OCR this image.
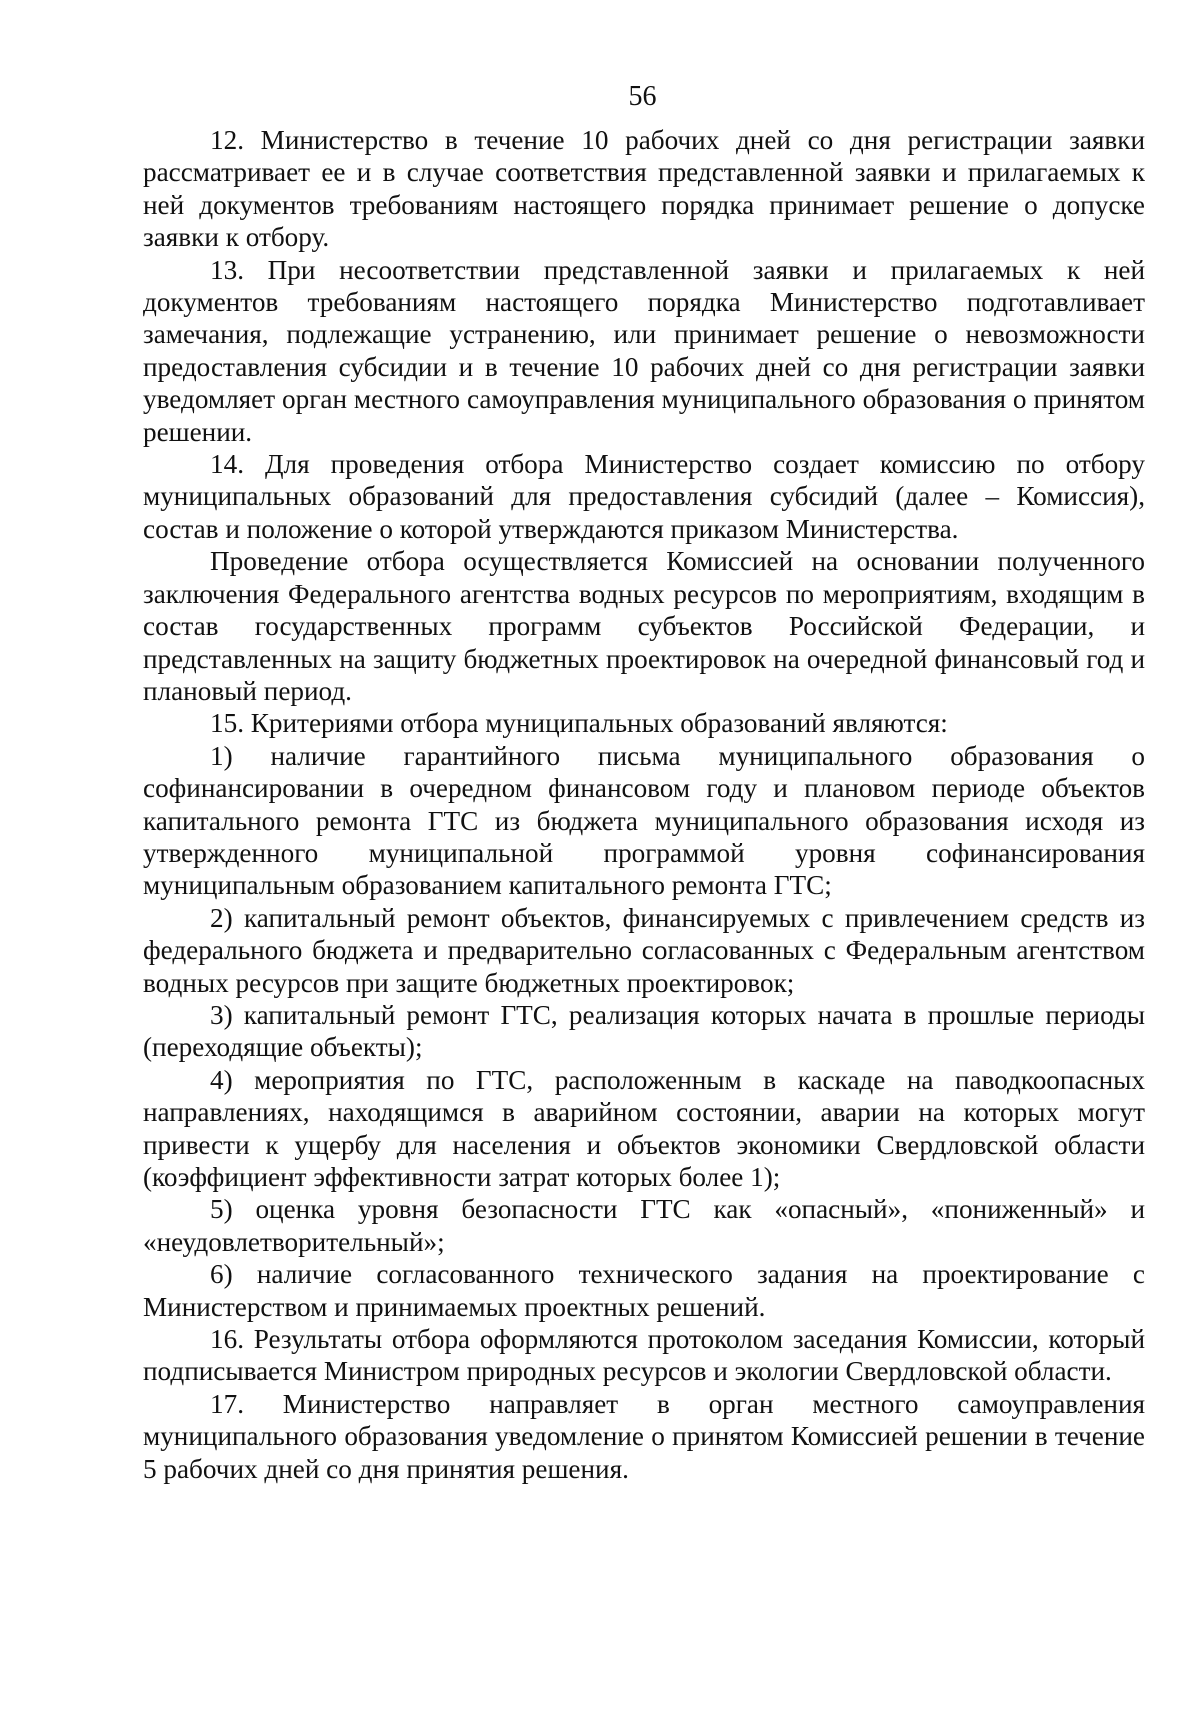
56

12. Министерство в течение 10 рабочих дней со дня регистрации заявки рассматривает ее и в случае соответствия представленной заявки и прилагаемых к ней документов требованиям настоящего порядка принимает решение о допуске заявки к отбору.

13. При несоответствии представленной заявки и прилагаемых к ней документов требованиям настоящего порядка Министерство подготавливает замечания, подлежащие устранению, или принимает решение о невозможности предоставления субсидии и в течение 10 рабочих дней со дня регистрации заявки уведомляет орган местного самоуправления муниципального образования о принятом решении.

14. Для проведения отбора Министерство создает комиссию по отбору муниципальных образований для предоставления субсидий (далее – Комиссия), состав и положение о которой утверждаются приказом Министерства.

Проведение отбора осуществляется Комиссией на основании полученного заключения Федерального агентства водных ресурсов по мероприятиям, входящим в состав государственных программ субъектов Российской Федерации, и представленных на защиту бюджетных проектировок на очередной финансовый год и плановый период.

15. Критериями отбора муниципальных образований являются:

1) наличие гарантийного письма муниципального образования о софинансировании в очередном финансовом году и плановом периоде объектов капитального ремонта ГТС из бюджета муниципального образования исходя из утвержденного муниципальной программой уровня софинансирования муниципальным образованием капитального ремонта ГТС;

2) капитальный ремонт объектов, финансируемых с привлечением средств из федерального бюджета и предварительно согласованных с Федеральным агентством водных ресурсов при защите бюджетных проектировок;

3) капитальный ремонт ГТС, реализация которых начата в прошлые периоды (переходящие объекты);

4) мероприятия по ГТС, расположенным в каскаде на паводкоопасных направлениях, находящимся в аварийном состоянии, аварии на которых могут привести к ущербу для населения и объектов экономики Свердловской области (коэффициент эффективности затрат которых более 1);

5) оценка уровня безопасности ГТС как «опасный», «пониженный» и «неудовлетворительный»;

6) наличие согласованного технического задания на проектирование с Министерством и принимаемых проектных решений.

16. Результаты отбора оформляются протоколом заседания Комиссии, который подписывается Министром природных ресурсов и экологии Свердловской области.

17. Министерство направляет в орган местного самоуправления муниципального образования уведомление о принятом Комиссией решении в течение 5 рабочих дней со дня принятия решения.
